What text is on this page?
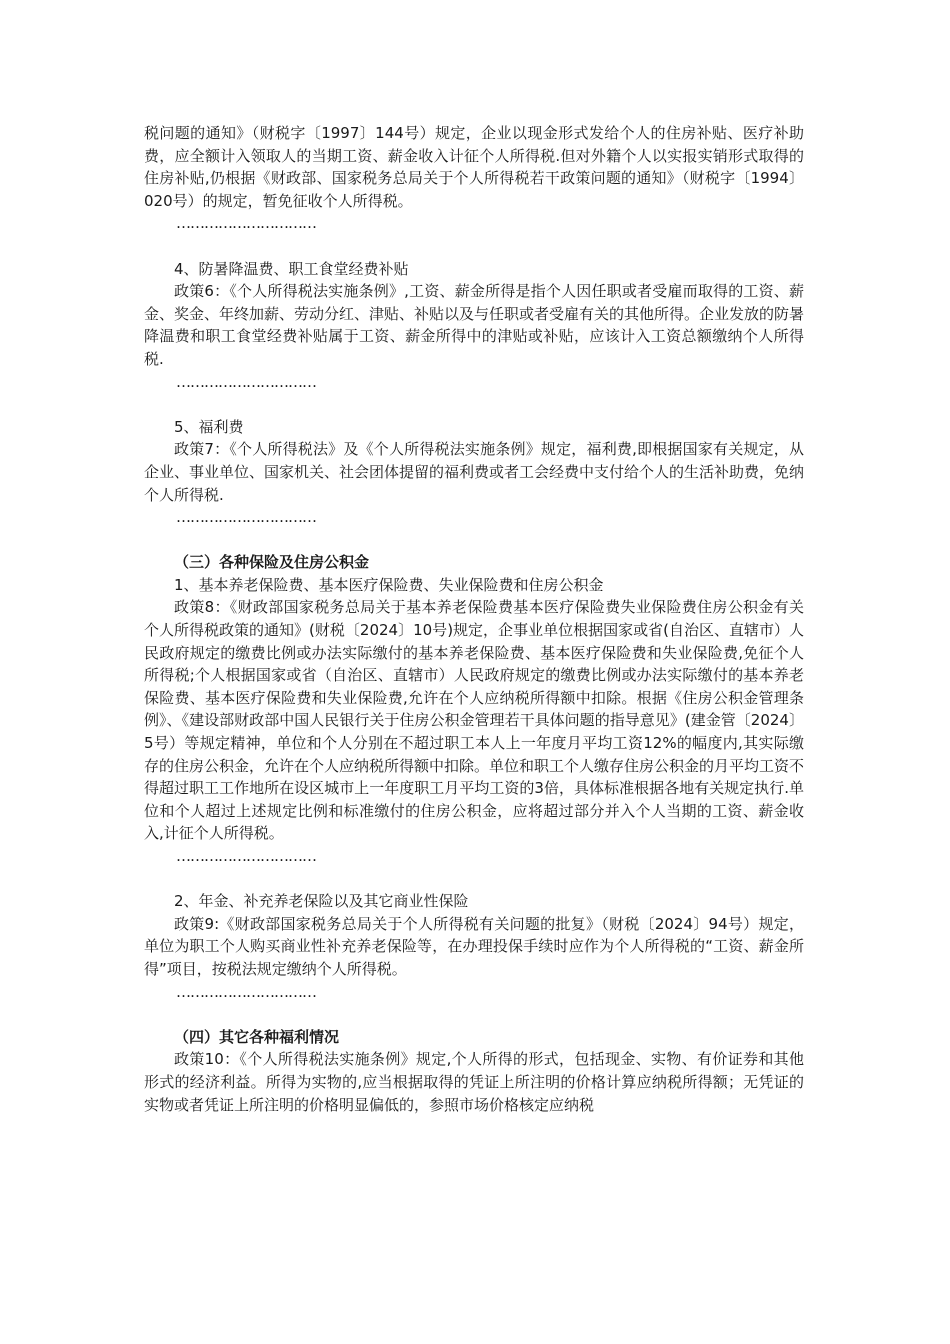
税问题的通知》（财税字〔1997〕144号）规定，企业以现金形式发给个人的住房补贴、医疗补助费，应全额计入领取人的当期工资、薪金收入计征个人所得税.但对外籍个人以实报实销形式取得的住房补贴,仍根据《财政部、国家税务总局关于个人所得税若干政策问题的通知》（财税字〔1994〕020号）的规定，暂免征收个人所得税。

…………………………

4、防暑降温费、职工食堂经费补贴

政策6：《个人所得税法实施条例》,工资、薪金所得是指个人因任职或者受雇而取得的工资、薪金、奖金、年终加薪、劳动分红、津贴、补贴以及与任职或者受雇有关的其他所得。企业发放的防暑降温费和职工食堂经费补贴属于工资、薪金所得中的津贴或补贴，应该计入工资总额缴纳个人所得税.

…………………………

5、福利费

政策7：《个人所得税法》及《个人所得税法实施条例》规定，福利费,即根据国家有关规定，从企业、事业单位、国家机关、社会团体提留的福利费或者工会经费中支付给个人的生活补助费，免纳个人所得税.

…………………………

（三）各种保险及住房公积金

1、基本养老保险费、基本医疗保险费、失业保险费和住房公积金

政策8：《财政部国家税务总局关于基本养老保险费基本医疗保险费失业保险费住房公积金有关个人所得税政策的通知》(财税〔2024〕10号)规定，企事业单位根据国家或省(自治区、直辖市）人民政府规定的缴费比例或办法实际缴付的基本养老保险费、基本医疗保险费和失业保险费,免征个人所得税;个人根据国家或省（自治区、直辖市）人民政府规定的缴费比例或办法实际缴付的基本养老保险费、基本医疗保险费和失业保险费,允许在个人应纳税所得额中扣除。根据《住房公积金管理条例》、《建设部财政部中国人民银行关于住房公积金管理若干具体问题的指导意见》(建金管〔2024〕5号）等规定精神，单位和个人分别在不超过职工本人上一年度月平均工资12%的幅度内,其实际缴存的住房公积金，允许在个人应纳税所得额中扣除。单位和职工个人缴存住房公积金的月平均工资不得超过职工工作地所在设区城市上一年度职工月平均工资的3倍，具体标准根据各地有关规定执行.单位和个人超过上述规定比例和标准缴付的住房公积金，应将超过部分并入个人当期的工资、薪金收入,计征个人所得税。

…………………………

2、年金、补充养老保险以及其它商业性保险

政策9:《财政部国家税务总局关于个人所得税有关问题的批复》（财税〔2024〕94号）规定，单位为职工个人购买商业性补充养老保险等，在办理投保手续时应作为个人所得税的“工资、薪金所得”项目，按税法规定缴纳个人所得税。

…………………………

（四）其它各种福利情况

政策10：《个人所得税法实施条例》规定,个人所得的形式，包括现金、实物、有价证券和其他形式的经济利益。所得为实物的,应当根据取得的凭证上所注明的价格计算应纳税所得额；无凭证的实物或者凭证上所注明的价格明显偏低的，参照市场价格核定应纳税
